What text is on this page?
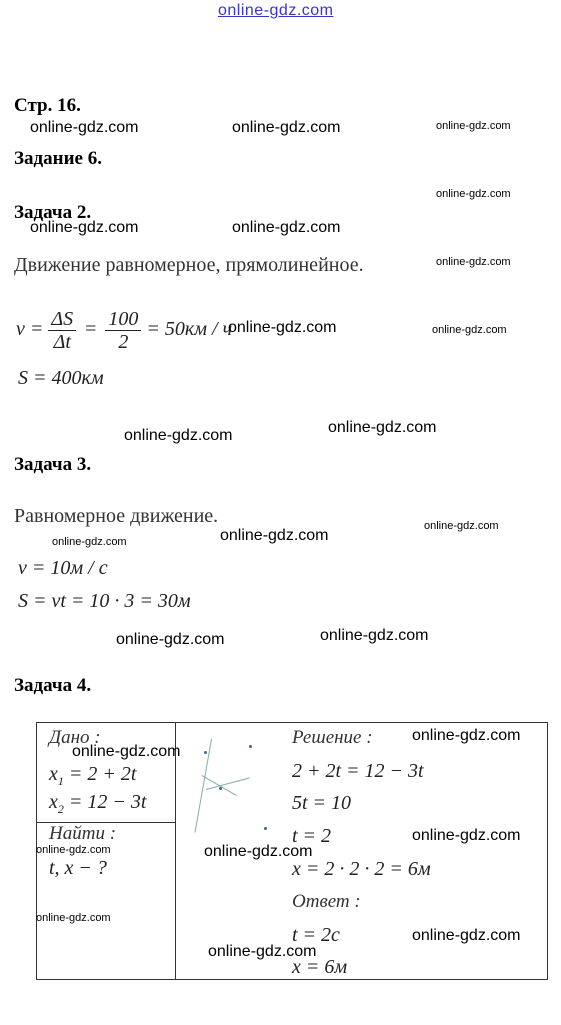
online-gdz.com
Стр. 16.
Задание 6.
Задача 2.
Движение равномерное, прямолинейное.
$v = \frac{\Delta S}{\Delta t} = \frac{100}{2} = 50км / ч$
S = 400км
Задача 3.
Равномерное движение.
v = 10м / с
S = vt = 10 · 3 = 30м
Задача 4.
Дано :
$x_1 = 2 + 2t$
$x_2 = 12 - 3t$

Решение :
2 + 2t = 12 − 3t
5t = 10
t = 2
x = 2 · 2 · 2 = 6м
Ответ :
t = 2с
x = 6м

Найти :
t, x − ?
online-gdz.com	online-gdz.com	online-gdz.com
online-gdz.com
online-gdz.com	online-gdz.com
online-gdz.com
online-gdz.com	online-gdz.com
online-gdz.com
online-gdz.com
online-gdz.com
online-gdz.com
online-gdz.com
online-gdz.com
online-gdz.com
online-gdz.com
online-gdz.com
online-gdz.com
online-gdz.com	online-gdz.com
online-gdz.com
online-gdz.com
online-gdz.com
